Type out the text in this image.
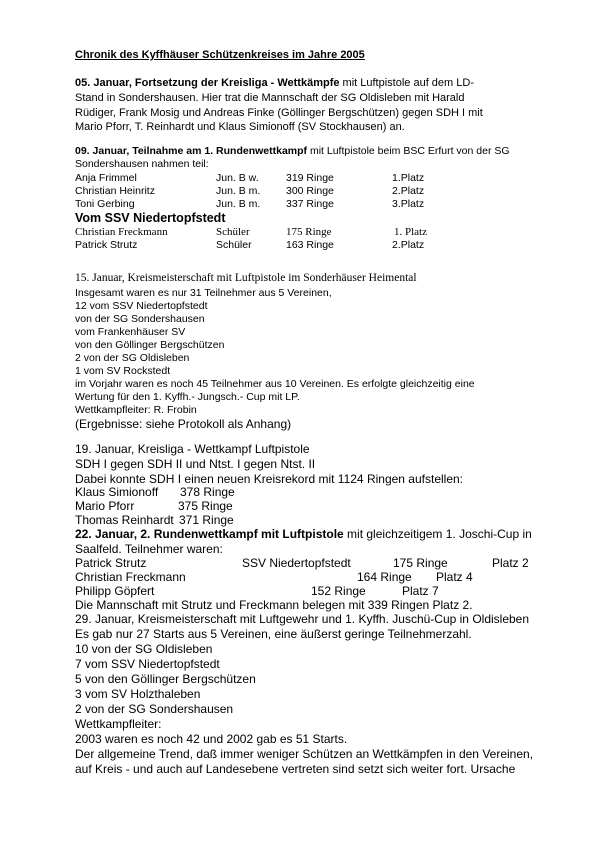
Chronik des Kyffhäuser Schützenkreises im Jahre 2005
05. Januar, Fortsetzung der Kreisliga - Wettkämpfe mit Luftpistole auf dem LD-
Stand in Sondershausen. Hier trat die Mannschaft der SG Oldisleben mit Harald
Rüdiger, Frank Mosig und Andreas Finke (Göllinger Bergschützen) gegen SDH I mit
Mario Pforr, T. Reinhardt und Klaus Simionoff (SV Stockhausen) an.
09. Januar, Teilnahme am 1. Rundenwettkampf mit Luftpistole beim BSC Erfurt von der SG
Sondershausen nahmen teil:
Anja Frimmel	Jun. B w.	319 Ringe	1.Platz
Christian Heinritz	Jun. B m. 300 Ringe	2.Platz
Toni Gerbing	Jun. B m. 337 Ringe	3.Platz
Vom SSV Niedertopfstedt
Christian Freckmann	Schüler	175 Ringe	1. Platz
Patrick Strutz	Schüler	163 Ringe	2.Platz
15. Januar, Kreismeisterschaft mit Luftpistole im Sonderhäuser Heimental
Insgesamt waren es nur 31 Teilnehmer aus 5 Vereinen,
12 vom SSV Niedertopfstedt
von der SG Sondershausen
vom Frankenhäuser SV
von den Göllinger Bergschützen
2 von der SG Oldisleben
1 vom SV Rockstedt
im Vorjahr waren es noch 45 Teilnehmer aus 10 Vereinen. Es erfolgte gleichzeitig eine
Wertung für den 1. Kyffh.- Jungsch.- Cup mit LP.
Wettkampfleiter: R. Frobin
(Ergebnisse: siehe Protokoll als Anhang)
19. Januar, Kreisliga - Wettkampf Luftpistole
SDH I gegen SDH II und Ntst. I gegen Ntst. II
Dabei konnte SDH I einen neuen Kreisrekord mit 1124 Ringen aufstellen:
Klaus Simionoff 378 Ringe
Mario Pforr	375 Ringe
Thomas Reinhardt 371 Ringe
22. Januar, 2. Rundenwettkampf mit Luftpistole mit gleichzeitigem 1. Joschi-Cup in
Saalfeld. Teilnehmer waren:
Patrick Strutz	SSV Niedertopfstedt	175 Ringe	Platz 2
Christian Freckmann	164 Ringe Platz 4
Philipp Göpfert	152 Ringe	Platz 7
Die Mannschaft mit Strutz und Freckmann belegen mit 339 Ringen Platz 2.
29. Januar, Kreismeisterschaft mit Luftgewehr und 1. Kyffh. Juschü-Cup in Oldisleben
Es gab nur 27 Starts aus 5 Vereinen, eine äußerst geringe Teilnehmerzahl.
10 von der SG Oldisleben
7 vom SSV Niedertopfstedt
5 von den Göllinger Bergschützen
3 vom SV Holzthaleben
2 von der SG Sondershausen
Wettkampfleiter:
2003 waren es noch 42 und 2002 gab es 51 Starts.
Der allgemeine Trend, daß immer weniger Schützen an Wettkämpfen in den Vereinen,
auf Kreis - und auch auf Landesebene vertreten sind setzt sich weiter fort. Ursache
